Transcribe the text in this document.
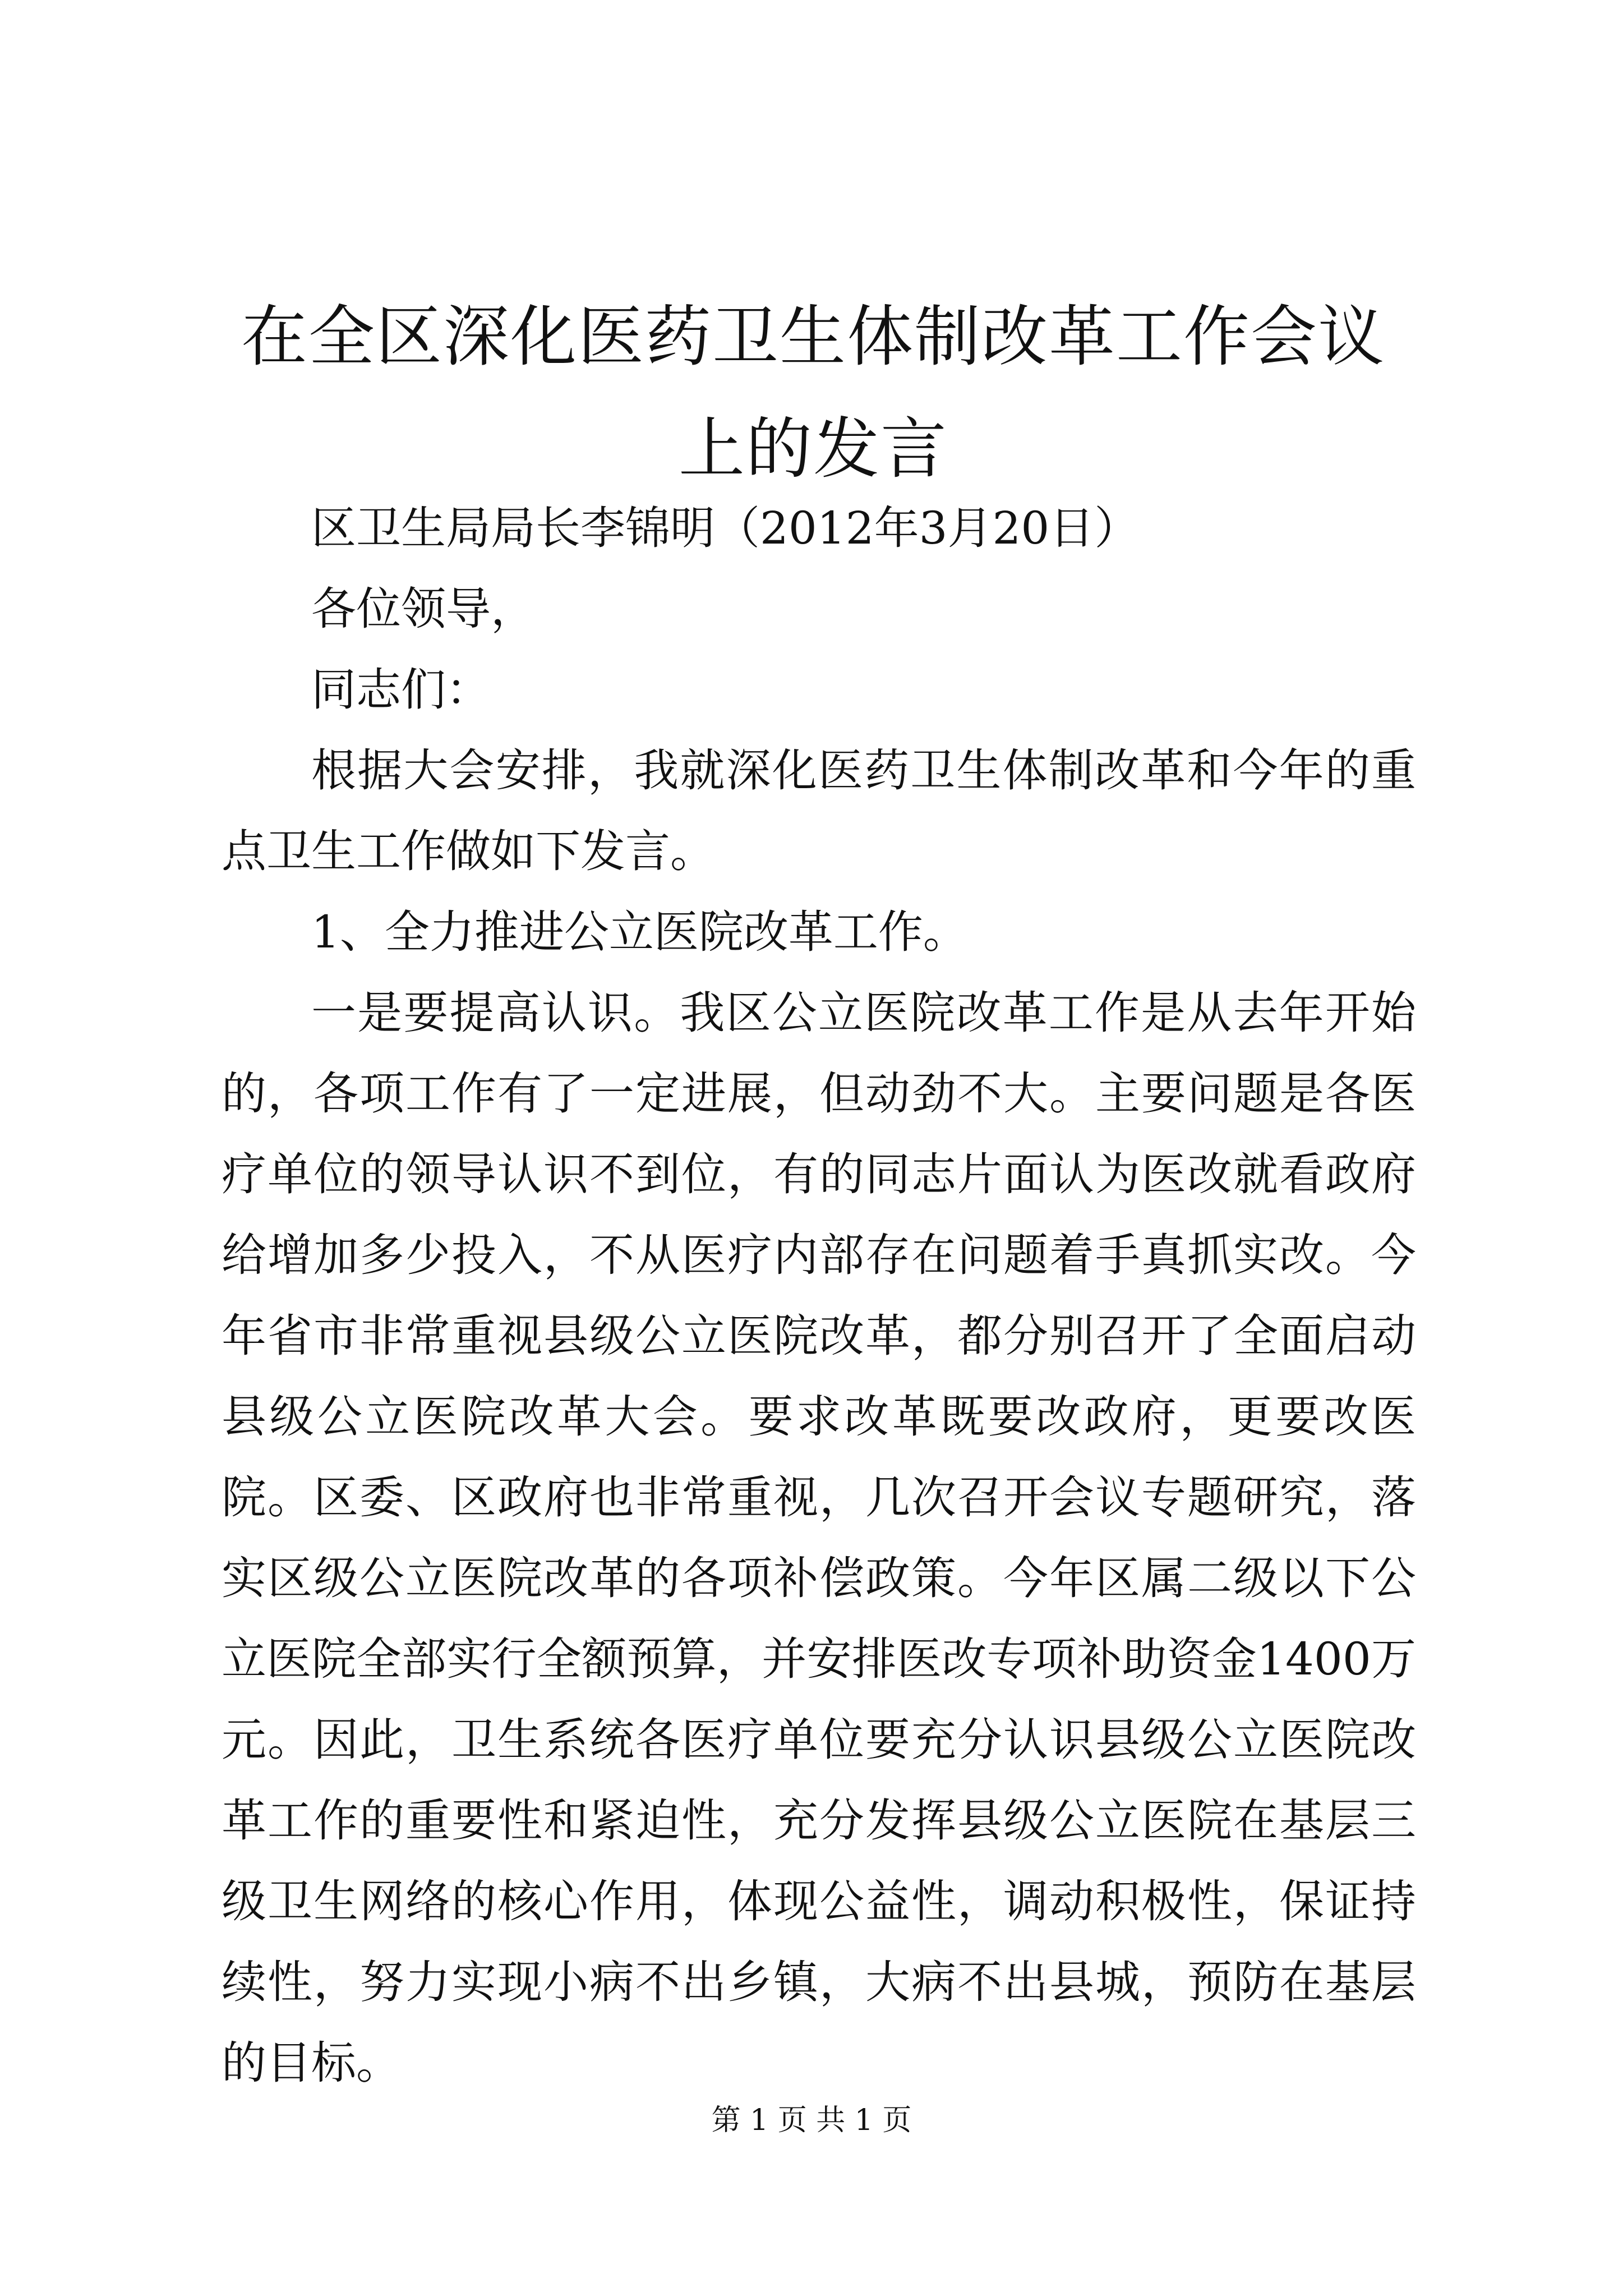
在全区深化医药卫生体制改革工作会议上的发言

区卫生局局长李锦明（2012年3月20日）

各位领导，

同志们：

根据大会安排，我就深化医药卫生体制改革和今年的重点卫生工作做如下发言。

1、全力推进公立医院改革工作。

一是要提高认识。我区公立医院改革工作是从去年开始的，各项工作有了一定进展，但动劲不大。主要问题是各医疗单位的领导认识不到位，有的同志片面认为医改就看政府给增加多少投入，不从医疗内部存在问题着手真抓实改。今年省市非常重视县级公立医院改革，都分别召开了全面启动县级公立医院改革大会。要求改革既要改政府，更要改医院。区委、区政府也非常重视，几次召开会议专题研究，落实区级公立医院改革的各项补偿政策。今年区属二级以下公立医院全部实行全额预算，并安排医改专项补助资金1400万元。因此，卫生系统各医疗单位要充分认识县级公立医院改革工作的重要性和紧迫性，充分发挥县级公立医院在基层三级卫生网络的核心作用，体现公益性，调动积极性，保证持续性，努力实现小病不出乡镇，大病不出县城，预防在基层的目标。

第 1 页 共 1 页
